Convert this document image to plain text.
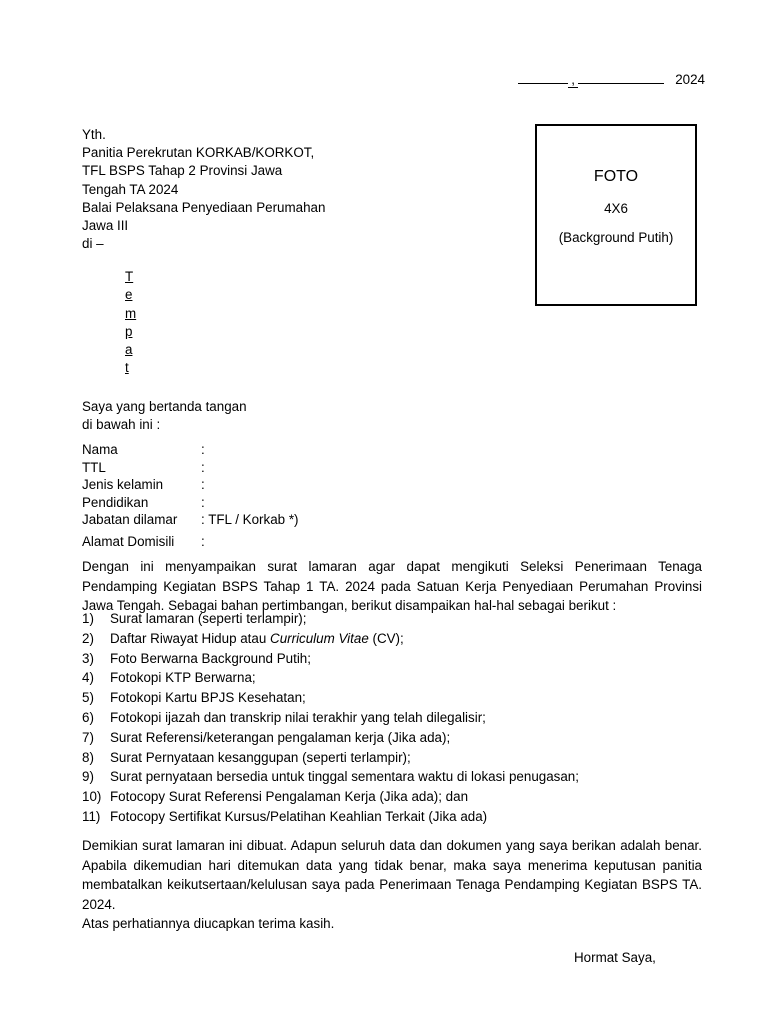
,	2024
Yth.
Panitia Perekrutan KORKAB/KORKOT,
TFL BSPS Tahap 2 Provinsi Jawa
Tengah TA 2024
Balai Pelaksana Penyediaan Perumahan
Jawa III
di –
T
e
m
p
a
t
FOTO
4X6
(Background Putih)
Saya yang bertanda tangan
di bawah ini :
Nama	:
TTL	:
Jenis kelamin	:
Pendidikan	:
Jabatan dilamar : TFL / Korkab *)
Alamat Domisili :
Dengan ini menyampaikan surat lamaran agar dapat mengikuti Seleksi Penerimaan Tenaga Pendamping Kegiatan BSPS Tahap 1 TA. 2024 pada Satuan Kerja Penyediaan Perumahan Provinsi Jawa Tengah. Sebagai bahan pertimbangan, berikut disampaikan hal-hal sebagai berikut :
1) Surat lamaran (seperti terlampir);
2) Daftar Riwayat Hidup atau Curriculum Vitae (CV);
3) Foto Berwarna Background Putih;
4) Fotokopi KTP Berwarna;
5) Fotokopi Kartu BPJS Kesehatan;
6) Fotokopi ijazah dan transkrip nilai terakhir yang telah dilegalisir;
7) Surat Referensi/keterangan pengalaman kerja (Jika ada);
8) Surat Pernyataan kesanggupan (seperti terlampir);
9) Surat pernyataan bersedia untuk tinggal sementara waktu di lokasi penugasan;
10) Fotocopy Surat Referensi Pengalaman Kerja (Jika ada); dan
11) Fotocopy Sertifikat Kursus/Pelatihan Keahlian Terkait (Jika ada)
Demikian surat lamaran ini dibuat. Adapun seluruh data dan dokumen yang saya berikan adalah benar. Apabila dikemudian hari ditemukan data yang tidak benar, maka saya menerima keputusan panitia membatalkan keikutsertaan/kelulusan saya pada Penerimaan Tenaga Pendamping Kegiatan BSPS TA. 2024.
Atas perhatiannya diucapkan terima kasih.
Hormat Saya,
